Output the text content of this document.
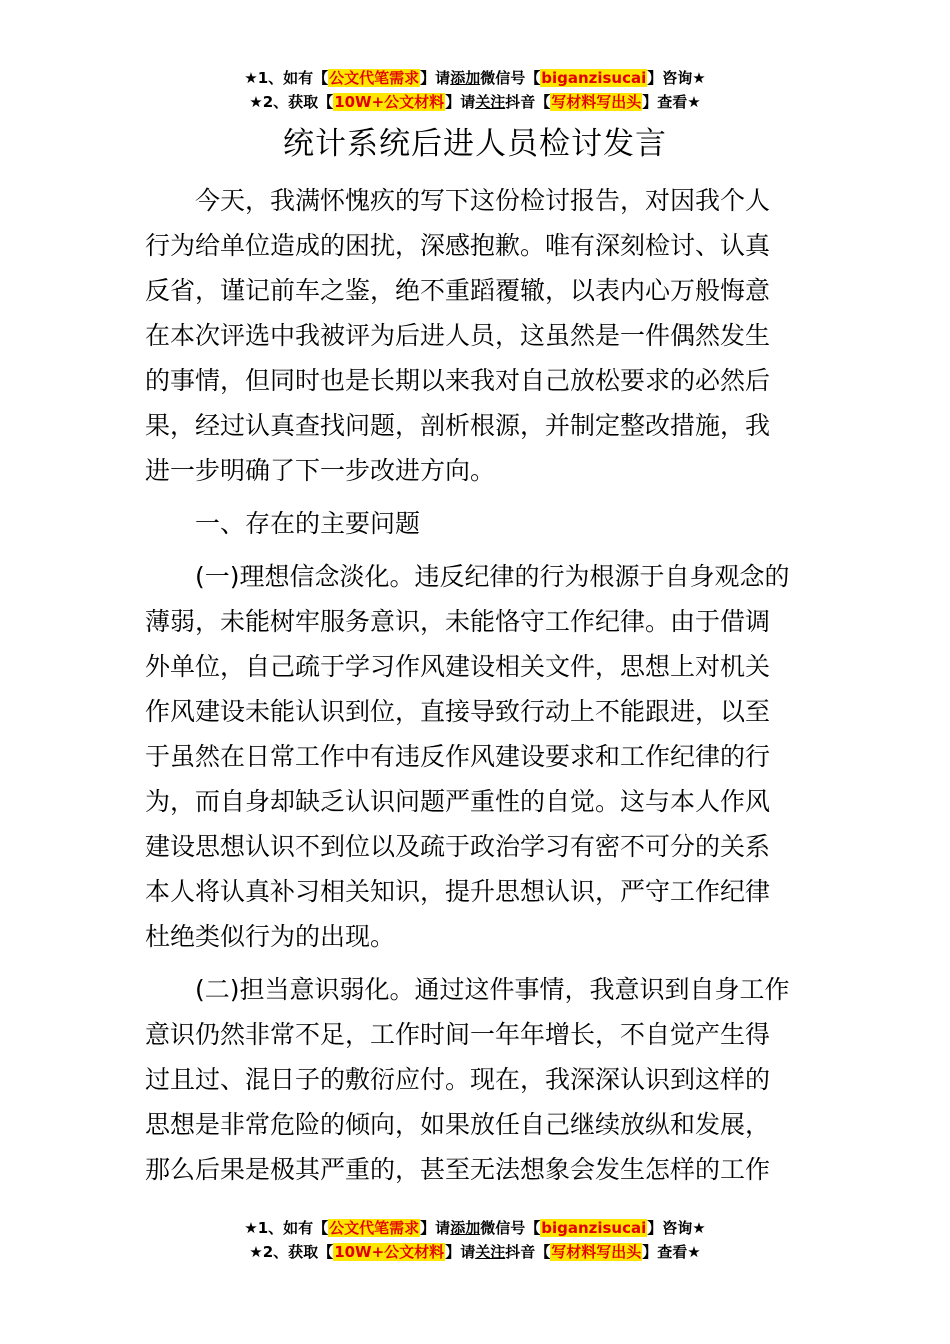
★1、如有【公文代笔需求】请添加微信号【biganzisucai】咨询★
★2、获取【10W+公文材料】请关注抖音【写材料写出头】查看★
统计系统后进人员检讨发言

今天，我满怀愧疚的写下这份检讨报告，对因我个人
行为给单位造成的困扰，深感抱歉。唯有深刻检讨、认真
反省，谨记前车之鉴，绝不重蹈覆辙，以表内心万般悔意
在本次评选中我被评为后进人员，这虽然是一件偶然发生
的事情，但同时也是长期以来我对自己放松要求的必然后
果，经过认真查找问题，剖析根源，并制定整改措施，我
进一步明确了下一步改进方向。

一、存在的主要问题

(一)理想信念淡化。违反纪律的行为根源于自身观念的
薄弱，未能树牢服务意识，未能恪守工作纪律。由于借调
外单位，自己疏于学习作风建设相关文件，思想上对机关
作风建设未能认识到位，直接导致行动上不能跟进，以至
于虽然在日常工作中有违反作风建设要求和工作纪律的行
为，而自身却缺乏认识问题严重性的自觉。这与本人作风
建设思想认识不到位以及疏于政治学习有密不可分的关系
本人将认真补习相关知识，提升思想认识，严守工作纪律
杜绝类似行为的出现。

(二)担当意识弱化。通过这件事情，我意识到自身工作
意识仍然非常不足，工作时间一年年增长，不自觉产生得
过且过、混日子的敷衍应付。现在，我深深认识到这样的
思想是非常危险的倾向，如果放任自己继续放纵和发展，
那么后果是极其严重的，甚至无法想象会发生怎样的工作

★1、如有【公文代笔需求】请添加微信号【biganzisucai】咨询★
★2、获取【10W+公文材料】请关注抖音【写材料写出头】查看★
